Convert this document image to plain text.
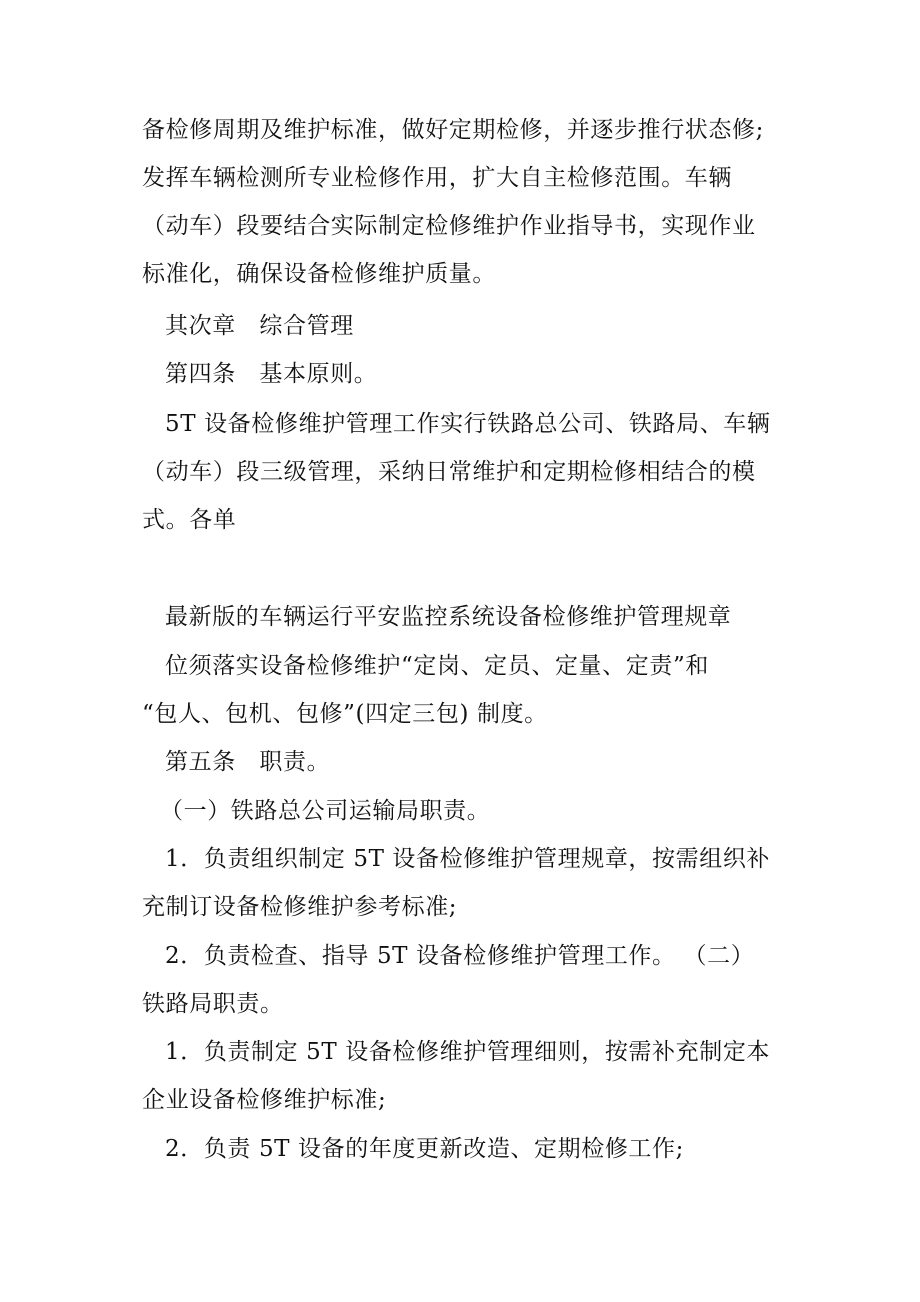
备检修周期及维护标准，做好定期检修，并逐步推行状态修;
发挥车辆检测所专业检修作用，扩大自主检修范围。车辆
（动车）段要结合实际制定检修维护作业指导书，实现作业
标准化，确保设备检修维护质量。
其次章　综合管理
第四条　基本原则。
5T 设备检修维护管理工作实行铁路总公司、铁路局、车辆
（动车）段三级管理，采纳日常维护和定期检修相结合的模
式。各单
最新版的车辆运行平安监控系统设备检修维护管理规章
位须落实设备检修维护“定岗、定员、定量、定责”和
“包人、包机、包修”(四定三包) 制度。
第五条　职责。
（一）铁路总公司运输局职责。
1．负责组织制定 5T 设备检修维护管理规章，按需组织补
充制订设备检修维护参考标准;
2．负责检查、指导 5T 设备检修维护管理工作。 （二）
铁路局职责。
1．负责制定 5T 设备检修维护管理细则，按需补充制定本
企业设备检修维护标准;
2．负责 5T 设备的年度更新改造、定期检修工作;
